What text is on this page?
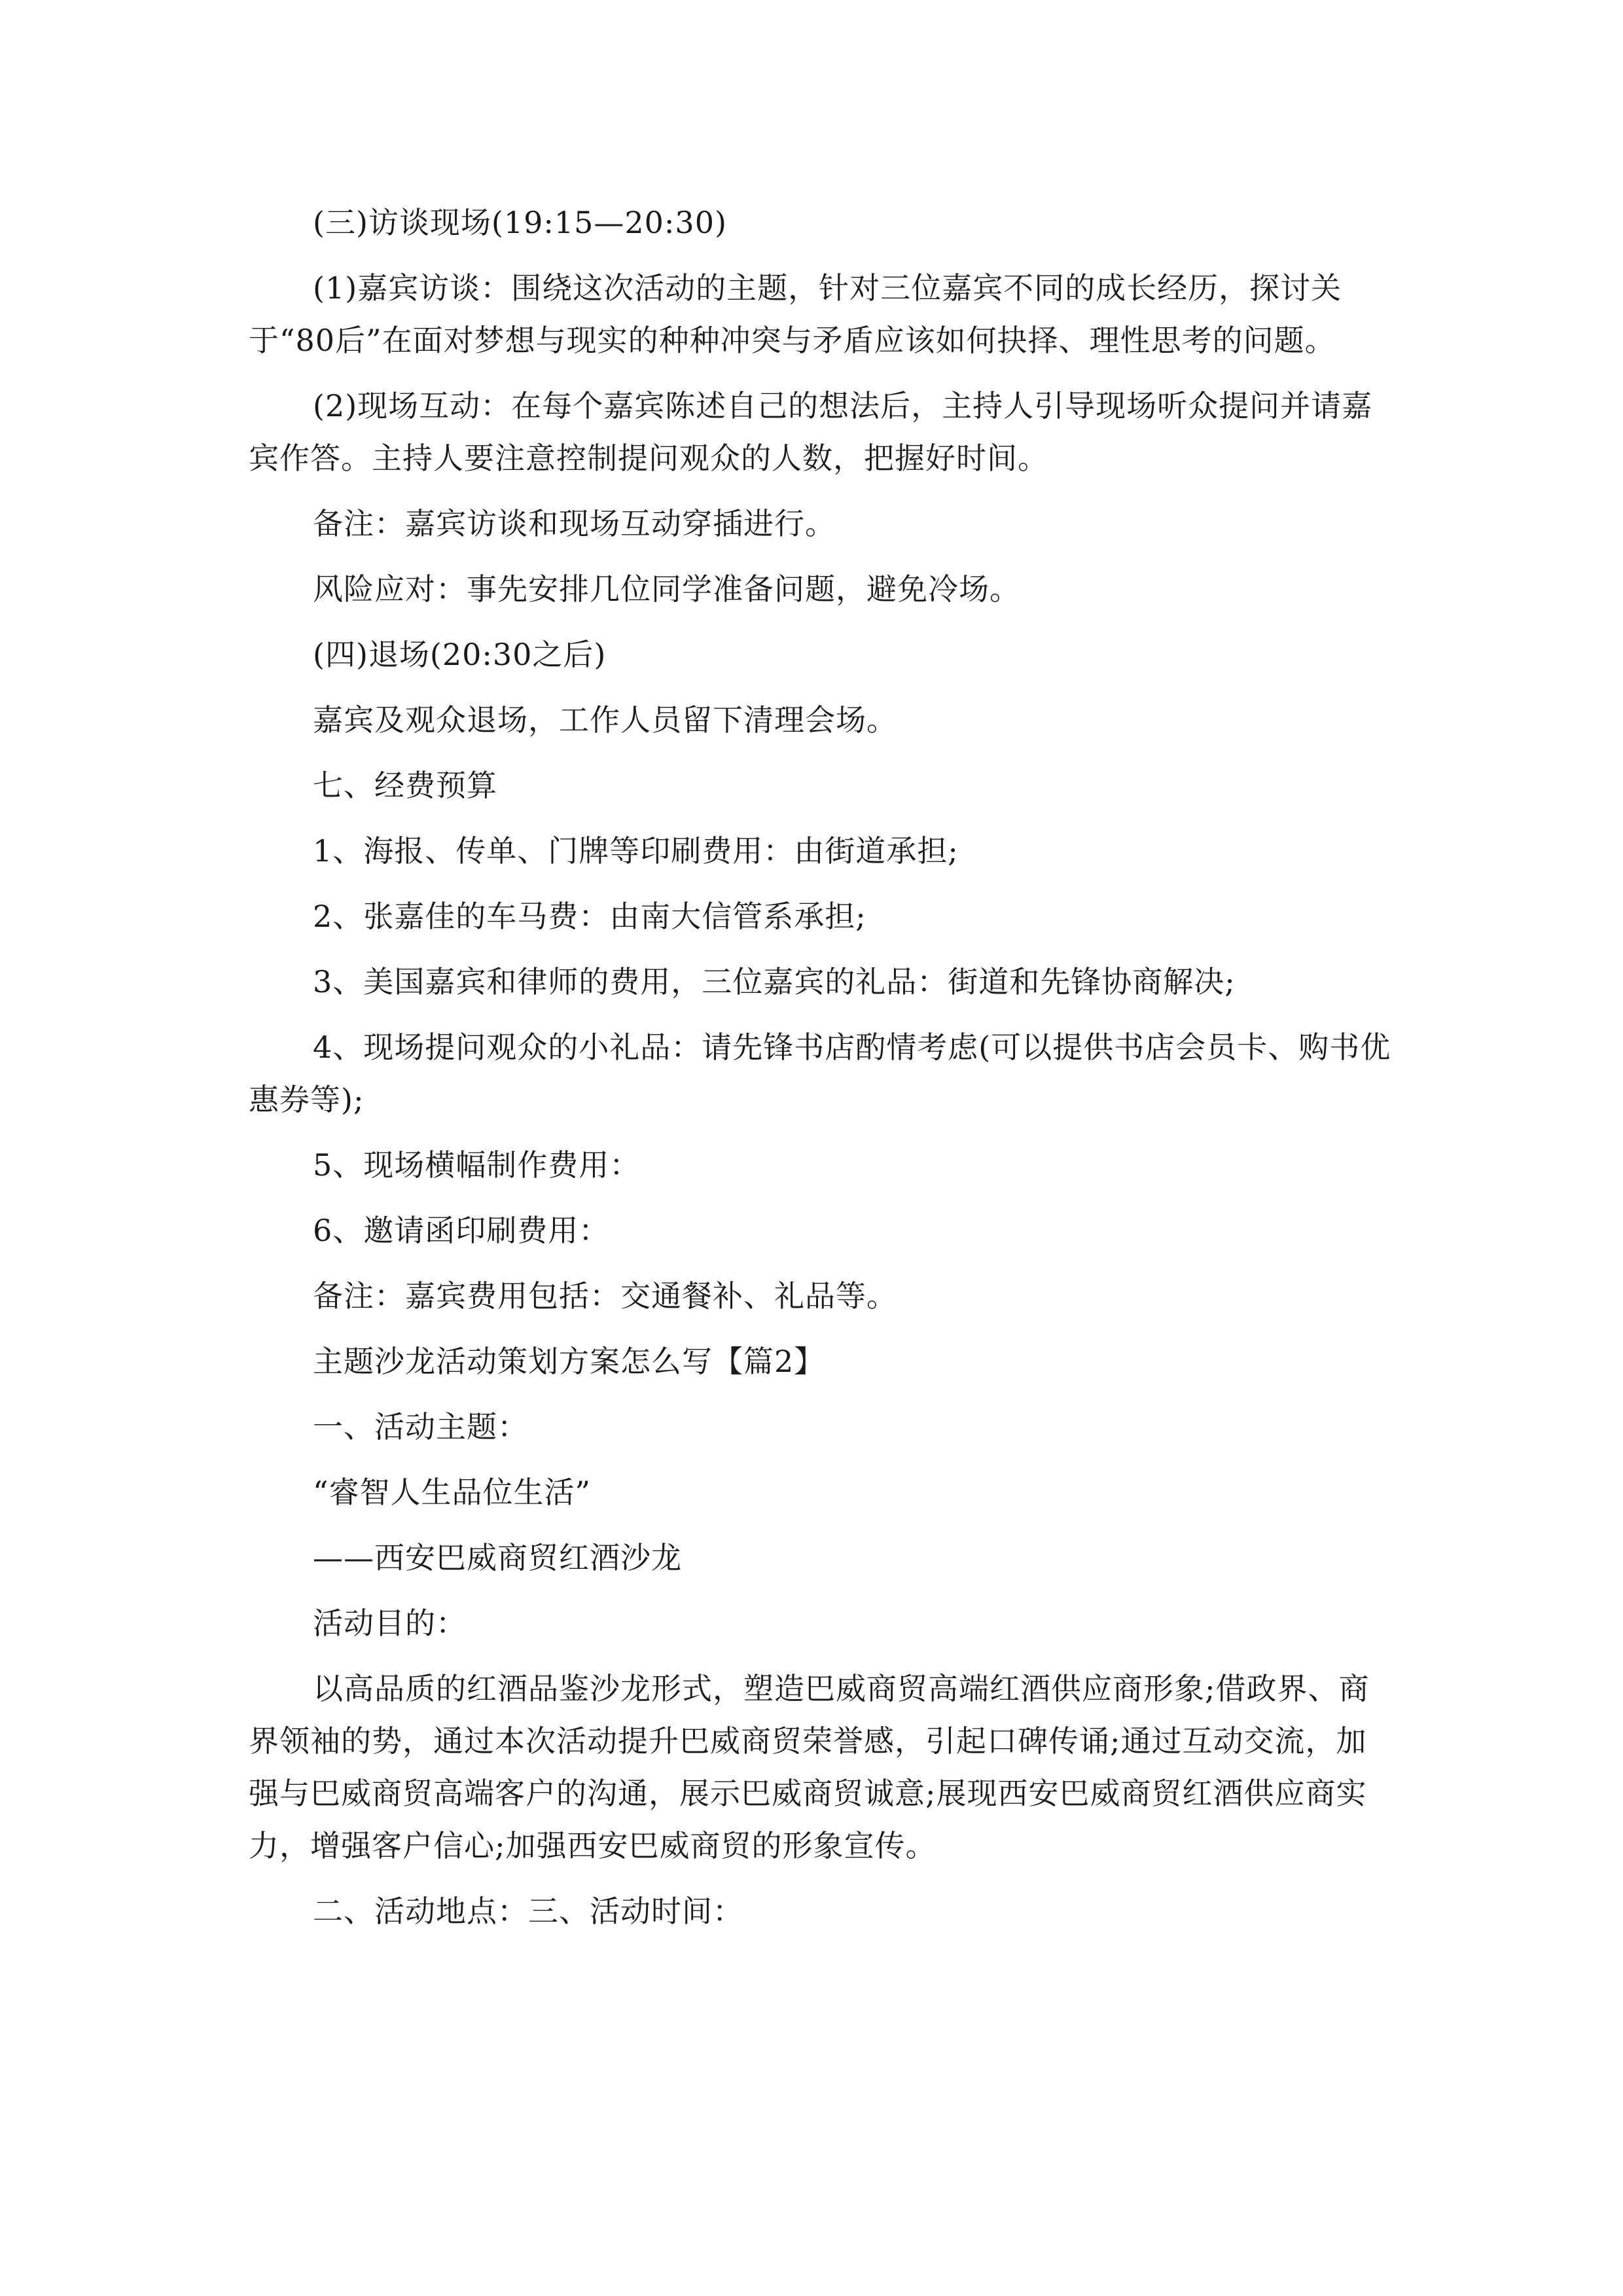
(三)访谈现场(19:15—20:30)

(1)嘉宾访谈：围绕这次活动的主题，针对三位嘉宾不同的成长经历，探讨关于“80后”在面对梦想与现实的种种冲突与矛盾应该如何抉择、理性思考的问题。

(2)现场互动：在每个嘉宾陈述自己的想法后，主持人引导现场听众提问并请嘉宾作答。主持人要注意控制提问观众的人数，把握好时间。

备注：嘉宾访谈和现场互动穿插进行。

风险应对：事先安排几位同学准备问题，避免冷场。

(四)退场(20:30之后)

嘉宾及观众退场，工作人员留下清理会场。

七、经费预算

1、海报、传单、门牌等印刷费用：由街道承担;

2、张嘉佳的车马费：由南大信管系承担;

3、美国嘉宾和律师的费用，三位嘉宾的礼品：街道和先锋协商解决;

4、现场提问观众的小礼品：请先锋书店酌情考虑(可以提供书店会员卡、购书优惠券等);

5、现场横幅制作费用：

6、邀请函印刷费用：

备注：嘉宾费用包括：交通餐补、礼品等。

主题沙龙活动策划方案怎么写【篇2】

一、活动主题：

“睿智人生品位生活”

——西安巴威商贸红酒沙龙

活动目的：

以高品质的红酒品鉴沙龙形式，塑造巴威商贸高端红酒供应商形象;借政界、商界领袖的势，通过本次活动提升巴威商贸荣誉感，引起口碑传诵;通过互动交流，加强与巴威商贸高端客户的沟通，展示巴威商贸诚意;展现西安巴威商贸红酒供应商实力，增强客户信心;加强西安巴威商贸的形象宣传。

二、活动地点：三、活动时间：
